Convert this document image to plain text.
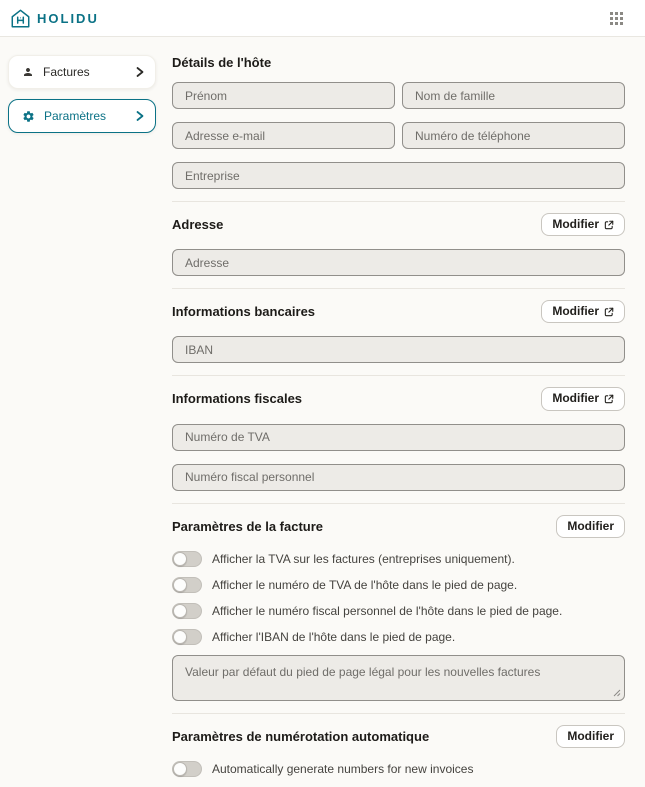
HOLIDU
Factures
Paramètres
Détails de l'hôte
Prénom
Nom de famille
Adresse e-mail
Numéro de téléphone
Entreprise
Adresse	Modifier
Adresse
Informations bancaires	Modifier
IBAN
Informations fiscales	Modifier
Numéro de TVA Numéro fiscal personnel
Paramètres de la facture	Modifier
Afficher la TVA sur les factures (entreprises uniquement).
Afficher le numéro de TVA de l'hôte dans le pied de page.
Afficher le numéro fiscal personnel de l'hôte dans le pied de page.
Afficher l'IBAN de l'hôte dans le pied de page.
Valeur par défaut du pied de page légal pour les nouvelles factures
Paramètres de numérotation automatique	Modifier
Automatically generate numbers for new invoices
